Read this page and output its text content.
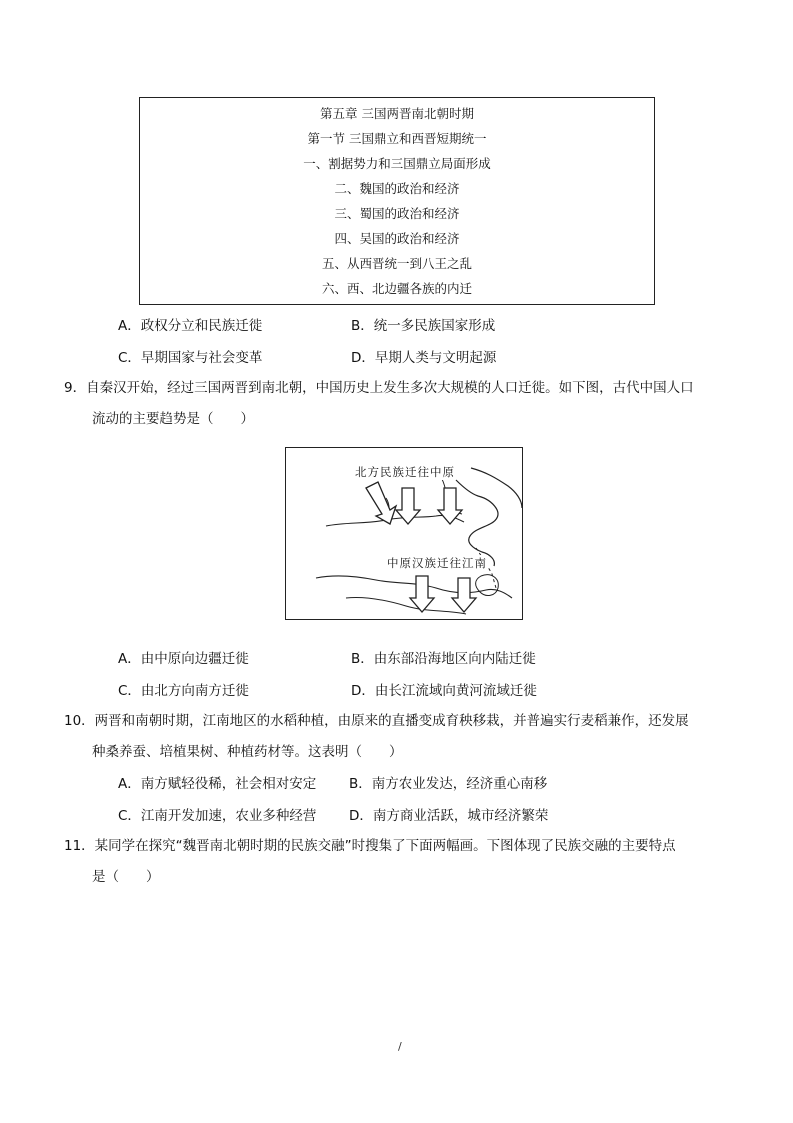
第五章 三国两晋南北朝时期
第一节 三国鼎立和西晋短期统一
一、割据势力和三国鼎立局面形成
二、魏国的政治和经济
三、蜀国的政治和经济
四、吴国的政治和经济
五、从西晋统一到八王之乱
六、西、北边疆各族的内迁
A．政权分立和民族迁徙	B．统一多民族国家形成
C．早期国家与社会变革	D．早期人类与文明起源
9．自秦汉开始，经过三国两晋到南北朝，中国历史上发生多次大规模的人口迁徙。如下图，古代中国人口
流动的主要趋势是（　　）
北方民族迁往中原
中原汉族迁往江南
A．由中原向边疆迁徙	B．由东部沿海地区向内陆迁徙
C．由北方向南方迁徙	D．由长江流域向黄河流域迁徙
10．两晋和南朝时期，江南地区的水稻种植，由原来的直播变成育秧移栽，并普遍实行麦稻兼作，还发展
种桑养蚕、培植果树、种植药材等。这表明（　　）
A．南方赋轻役稀，社会相对安定 B．南方农业发达，经济重心南移
C．江南开发加速，农业多种经营 D．南方商业活跃，城市经济繁荣
11．某同学在探究“魏晋南北朝时期的民族交融”时搜集了下面两幅画。下图体现了民族交融的主要特点
是（　　）
/
